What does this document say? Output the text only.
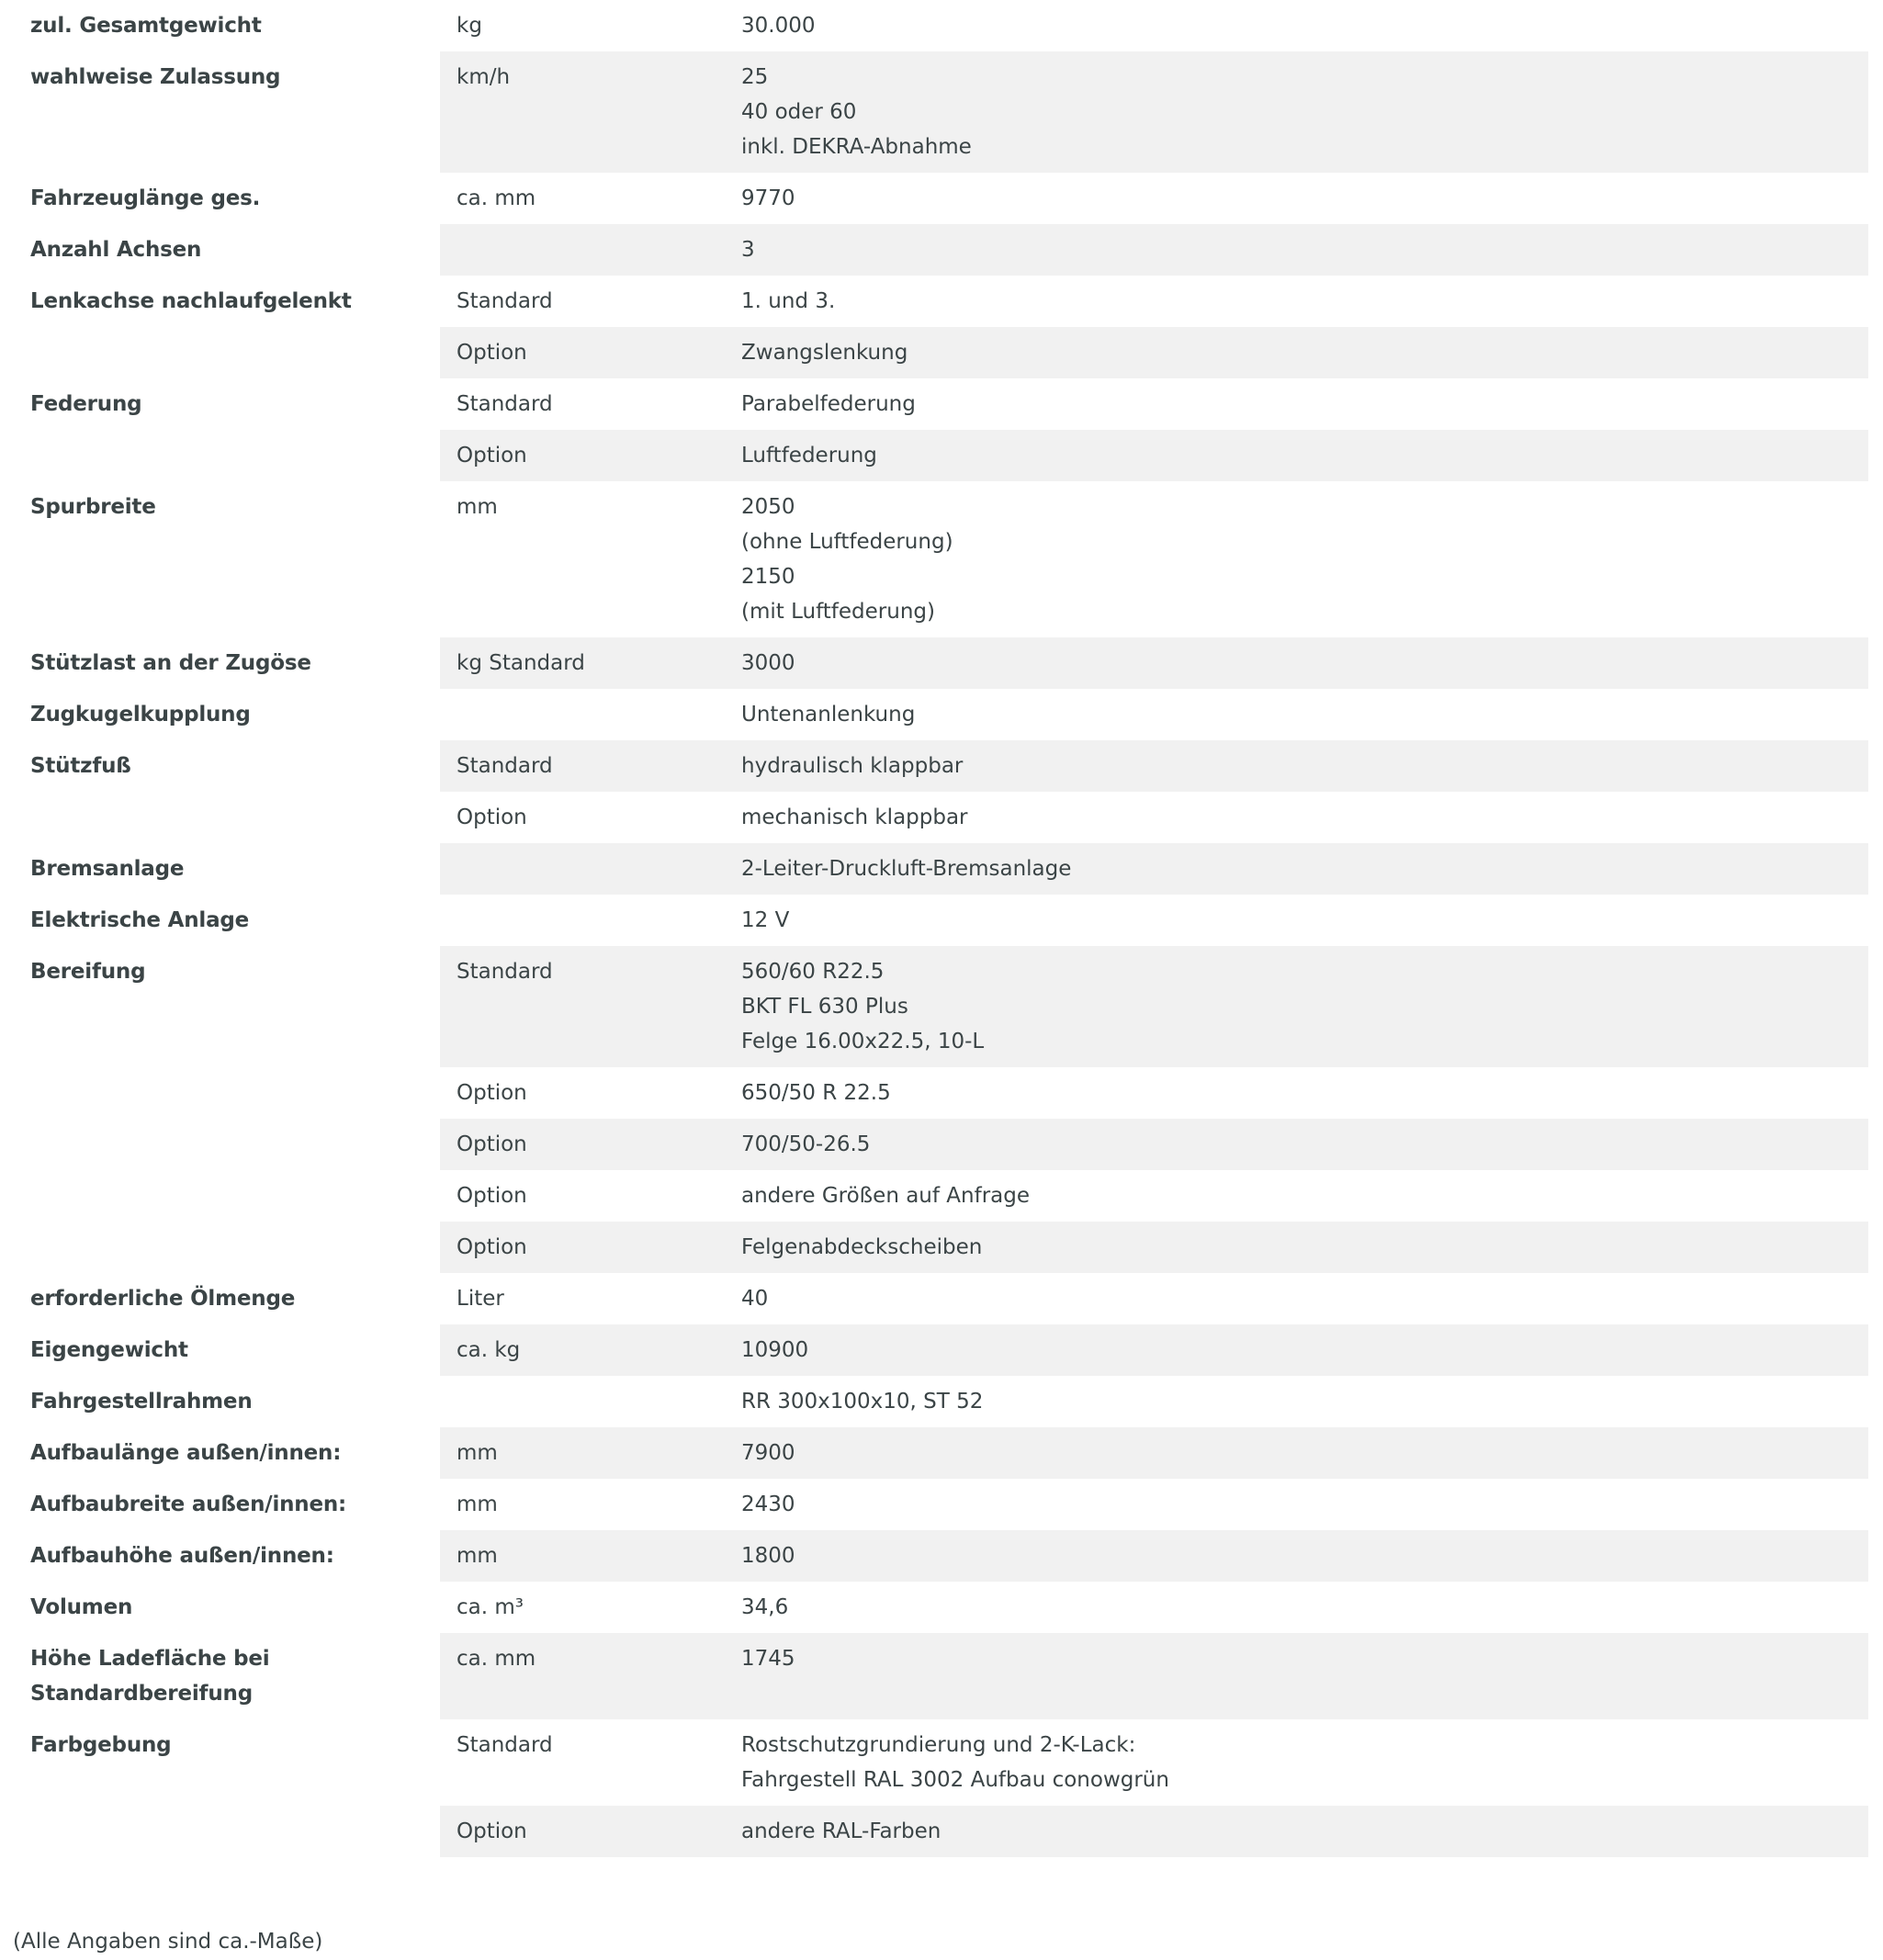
zul. Gesamtgewicht	kg	30.000

wahlweise Zulassung	km/h	25
40 oder 60
inkl. DEKRA-Abnahme

Fahrzeuglänge ges.	ca. mm	9770

Anzahl Achsen		3

Lenkachse nachlaufgelenkt	Standard	1. und 3.

	Option	Zwangslenkung

Federung	Standard	Parabelfederung

	Option	Luftfederung

Spurbreite	mm	2050
(ohne Luftfederung)
2150
(mit Luftfederung)

Stützlast an der Zugöse	kg Standard	3000

Zugkugelkupplung		Untenanlenkung

Stützfuß	Standard	hydraulisch klappbar

	Option	mechanisch klappbar

Bremsanlage		2-Leiter-Druckluft-Bremsanlage

Elektrische Anlage		12 V

Bereifung	Standard	560/60 R22.5
BKT FL 630 Plus
Felge 16.00x22.5, 10-L

	Option	650/50 R 22.5

	Option	700/50-26.5

	Option	andere Größen auf Anfrage

	Option	Felgenabdeckscheiben

erforderliche Ölmenge	Liter	40

Eigengewicht	ca. kg	10900

Fahrgestellrahmen		RR 300x100x10, ST 52

Aufbaulänge außen/innen:	mm	7900

Aufbaubreite außen/innen:	mm	2430

Aufbauhöhe außen/innen:	mm	1800

Volumen	ca. m³	34,6

Höhe Ladefläche bei Standardbereifung	ca. mm	1745

Farbgebung	Standard	Rostschutzgrundierung und 2-K-Lack:
Fahrgestell RAL 3002 Aufbau conowgrün

	Option	andere RAL-Farben
(Alle Angaben sind ca.-Maße)
